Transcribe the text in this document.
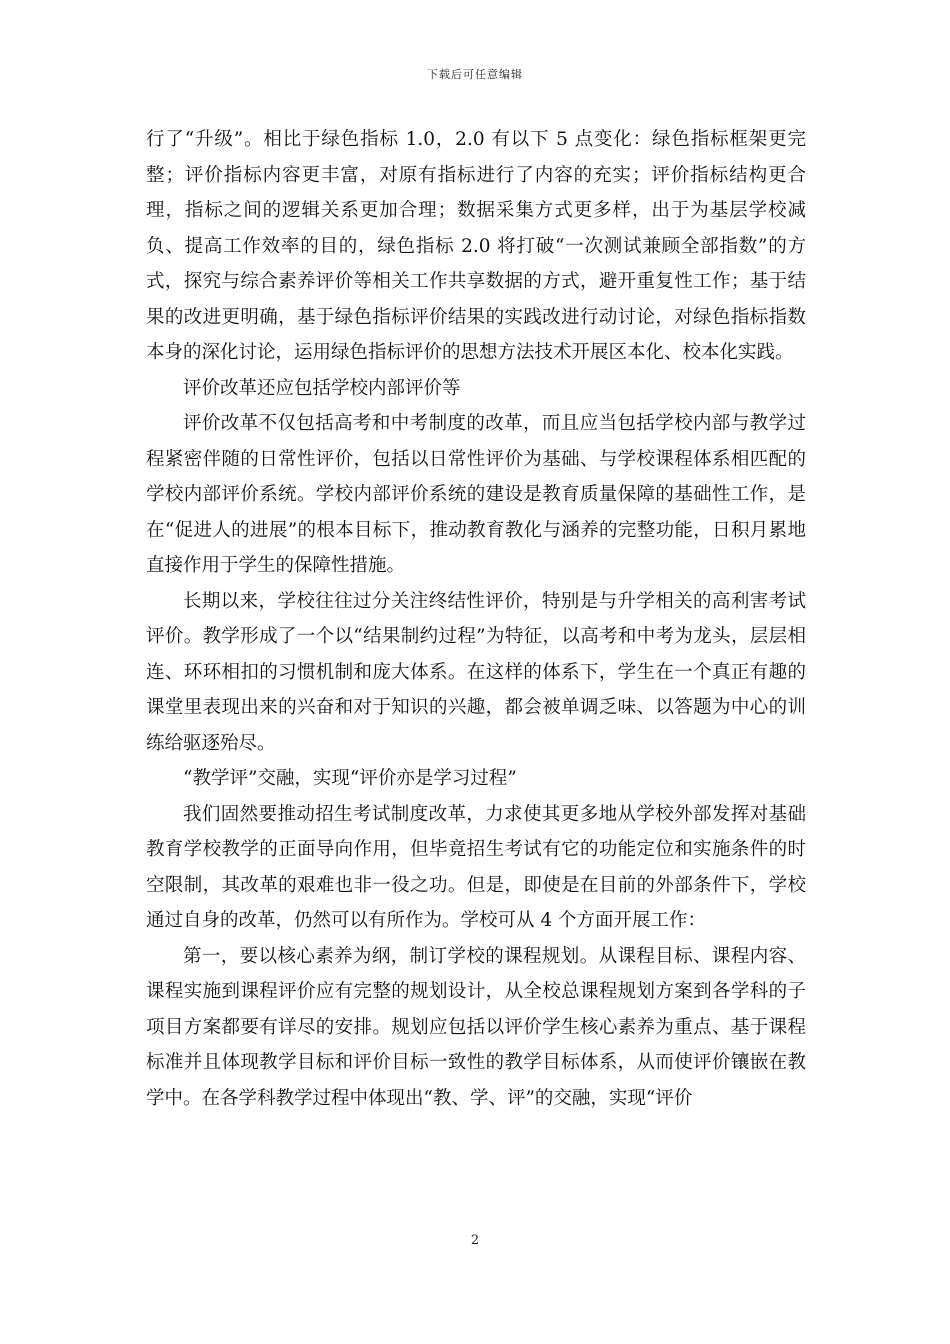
下载后可任意编辑

行了“升级”。相比于绿色指标 1.0，2.0 有以下 5 点变化：绿色指标框架更完整；评价指标内容更丰富，对原有指标进行了内容的充实；评价指标结构更合理，指标之间的逻辑关系更加合理；数据采集方式更多样，出于为基层学校减负、提高工作效率的目的，绿色指标 2.0 将打破“一次测试兼顾全部指数”的方式，探究与综合素养评价等相关工作共享数据的方式，避开重复性工作；基于结果的改进更明确，基于绿色指标评价结果的实践改进行动讨论，对绿色指标指数本身的深化讨论，运用绿色指标评价的思想方法技术开展区本化、校本化实践。

评价改革还应包括学校内部评价等

评价改革不仅包括高考和中考制度的改革，而且应当包括学校内部与教学过程紧密伴随的日常性评价，包括以日常性评价为基础、与学校课程体系相匹配的学校内部评价系统。学校内部评价系统的建设是教育质量保障的基础性工作，是在“促进人的进展”的根本目标下，推动教育教化与涵养的完整功能，日积月累地直接作用于学生的保障性措施。

长期以来，学校往往过分关注终结性评价，特别是与升学相关的高利害考试评价。教学形成了一个以“结果制约过程”为特征，以高考和中考为龙头，层层相连、环环相扣的习惯机制和庞大体系。在这样的体系下，学生在一个真正有趣的课堂里表现出来的兴奋和对于知识的兴趣，都会被单调乏味、以答题为中心的训练给驱逐殆尽。

“教学评”交融，实现“评价亦是学习过程”

我们固然要推动招生考试制度改革，力求使其更多地从学校外部发挥对基础教育学校教学的正面导向作用，但毕竟招生考试有它的功能定位和实施条件的时空限制，其改革的艰难也非一役之功。但是，即使是在目前的外部条件下，学校通过自身的改革，仍然可以有所作为。学校可从 4 个方面开展工作：

第一，要以核心素养为纲，制订学校的课程规划。从课程目标、课程内容、课程实施到课程评价应有完整的规划设计，从全校总课程规划方案到各学科的子项目方案都要有详尽的安排。规划应包括以评价学生核心素养为重点、基于课程标准并且体现教学目标和评价目标一致性的教学目标体系，从而使评价镶嵌在教学中。在各学科教学过程中体现出“教、学、评”的交融，实现“评价

2
